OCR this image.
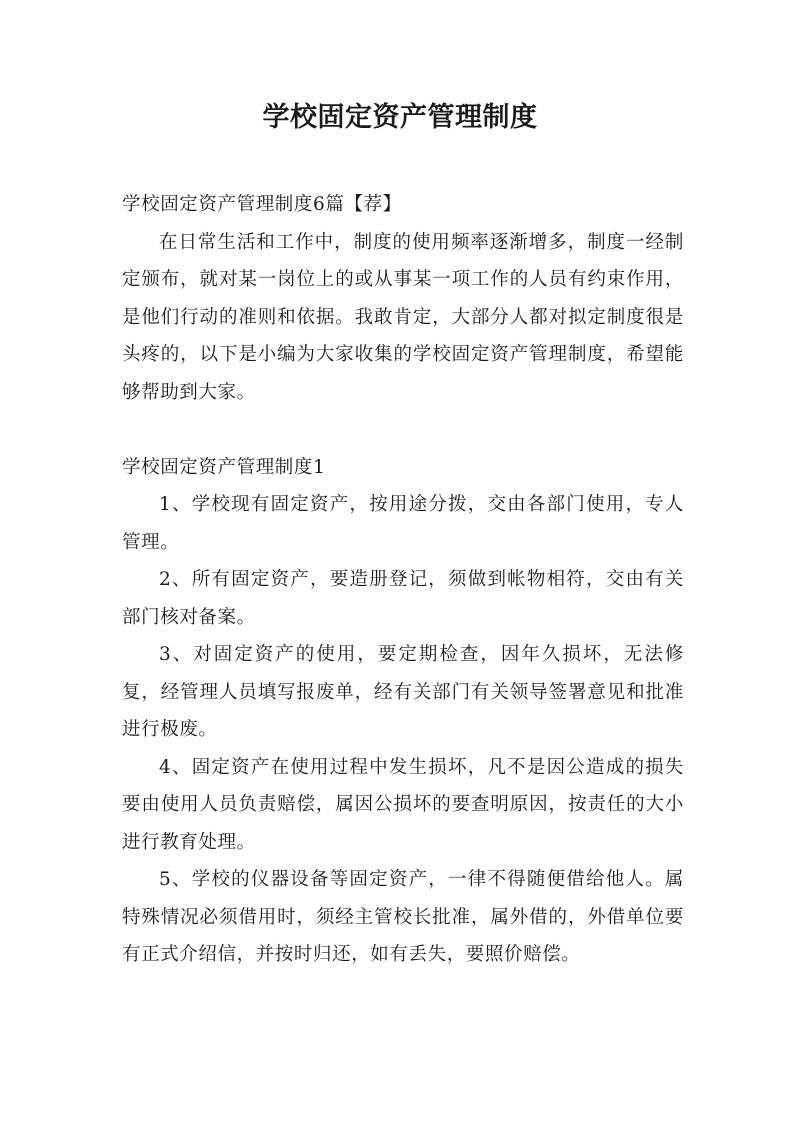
学校固定资产管理制度

学校固定资产管理制度6篇【荐】

在日常生活和工作中，制度的使用频率逐渐增多，制度一经制定颁布，就对某一岗位上的或从事某一项工作的人员有约束作用，是他们行动的准则和依据。我敢肯定，大部分人都对拟定制度很是头疼的，以下是小编为大家收集的学校固定资产管理制度，希望能够帮助到大家。

学校固定资产管理制度1

1、学校现有固定资产，按用途分拨，交由各部门使用，专人管理。

2、所有固定资产，要造册登记，须做到帐物相符，交由有关部门核对备案。

3、对固定资产的使用，要定期检查，因年久损坏，无法修复，经管理人员填写报废单，经有关部门有关领导签署意见和批准进行极废。

4、固定资产在使用过程中发生损坏，凡不是因公造成的损失要由使用人员负责赔偿，属因公损坏的要查明原因，按责任的大小进行教育处理。

5、学校的仪器设备等固定资产，一律不得随便借给他人。属特殊情况必须借用时，须经主管校长批准，属外借的，外借单位要有正式介绍信，并按时归还，如有丢失，要照价赔偿。
